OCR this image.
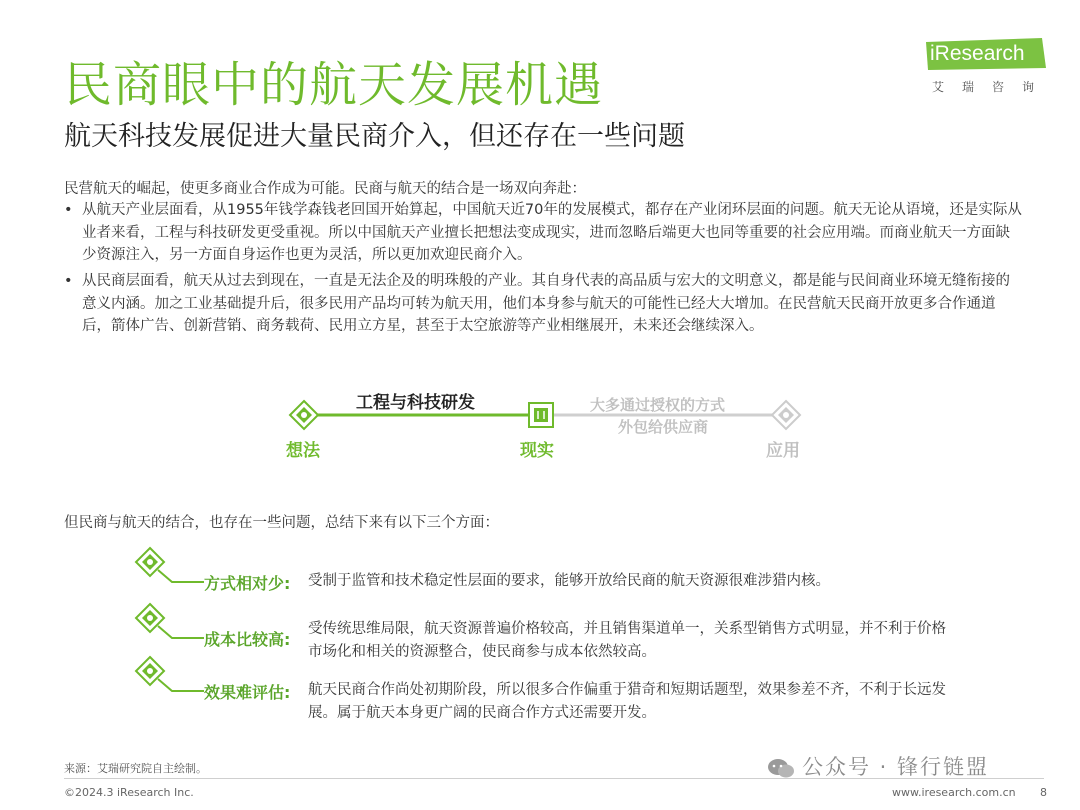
民商眼中的航天发展机遇
航天科技发展促进大量民商介入，但还存在一些问题
iResearch
艾瑞咨询
民营航天的崛起，使更多商业合作成为可能。民商与航天的结合是一场双向奔赴：
• 从航天产业层面看，从1955年钱学森钱老回国开始算起，中国航天近70年的发展模式，都存在产业闭环层面的问题。航天无论从语境，还是实际从业者来看，工程与科技研发更受重视。所以中国航天产业擅长把想法变成现实，进而忽略后端更大也同等重要的社会应用端。而商业航天一方面缺少资源注入，另一方面自身运作也更为灵活，所以更加欢迎民商介入。
• 从民商层面看，航天从过去到现在，一直是无法企及的明珠般的产业。其自身代表的高品质与宏大的文明意义，都是能与民间商业环境无缝衔接的意义内涵。加之工业基础提升后，很多民用产品均可转为航天用，他们本身参与航天的可能性已经大大增加。在民营航天民商开放更多合作通道后，箭体广告、创新营销、商务载荷、民用立方星，甚至于太空旅游等产业相继展开，未来还会继续深入。
工程与科技研发	大多通过授权的方式
外包给供应商
想法	现实	应用
但民商与航天的结合，也存在一些问题，总结下来有以下三个方面：
方式相对少: 受制于监管和技术稳定性层面的要求，能够开放给民商的航天资源很难涉猎内核。
成本比较高:
受传统思维局限，航天资源普遍价格较高，并且销售渠道单一，关系型销售方式明显，并不利于价格市场化和相关的资源整合，使民商参与成本依然较高。
效果难评估: 航天民商合作尚处初期阶段，所以很多合作偏重于猎奇和短期话题型，效果参差不齐，不利于长远发展。属于航天本身更广阔的民商合作方式还需要开发。
来源：艾瑞研究院自主绘制。
©2024.3 iResearch Inc.	www.iresearch.com.cn 8
公众号 · 锋行链盟
